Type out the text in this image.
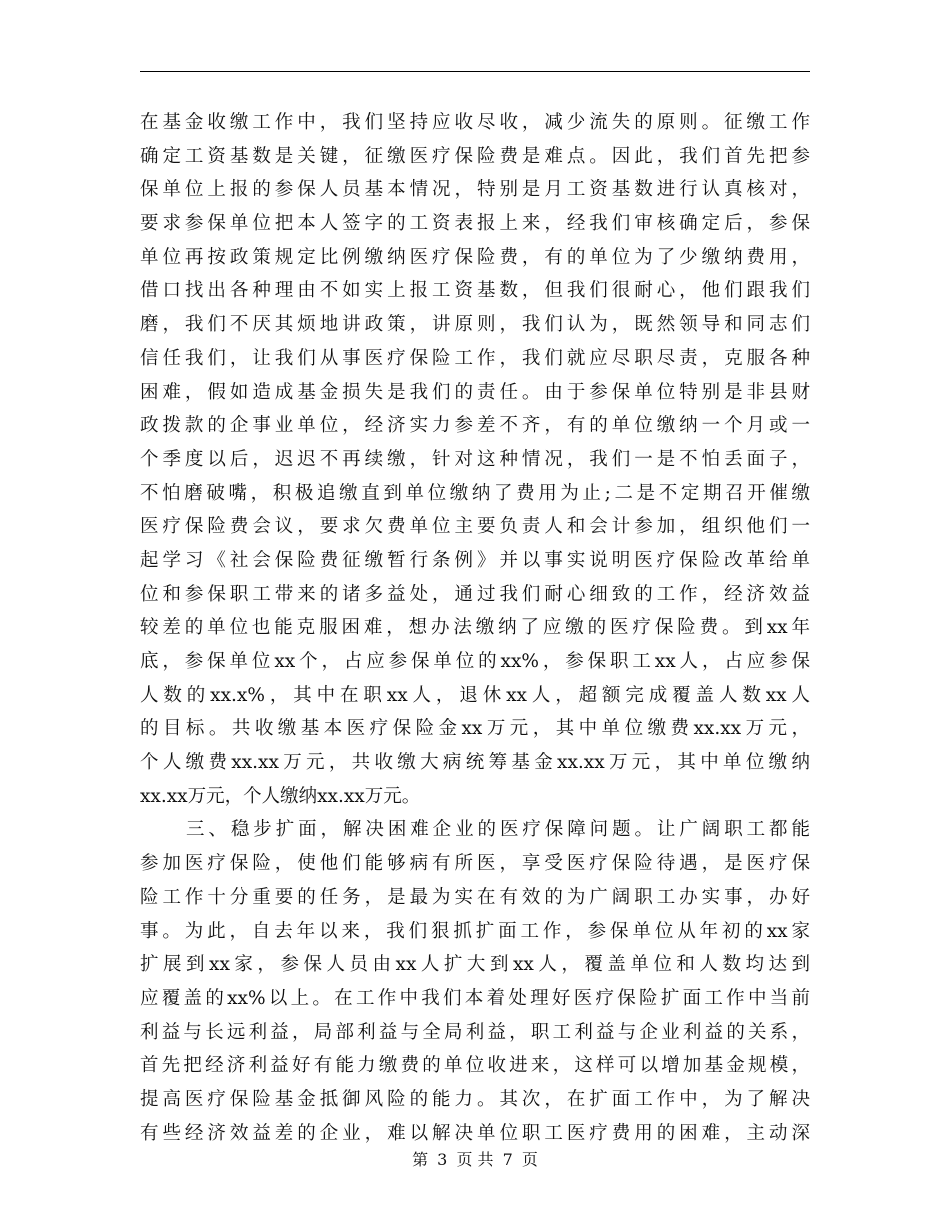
在基金收缴工作中，我们坚持应收尽收，减少流失的原则。征缴工作
确定工资基数是关键，征缴医疗保险费是难点。因此，我们首先把参
保单位上报的参保人员基本情况，特别是月工资基数进行认真核对，
要求参保单位把本人签字的工资表报上来，经我们审核确定后，参保
单位再按政策规定比例缴纳医疗保险费，有的单位为了少缴纳费用，
借口找出各种理由不如实上报工资基数，但我们很耐心，他们跟我们
磨，我们不厌其烦地讲政策，讲原则，我们认为，既然领导和同志们
信任我们，让我们从事医疗保险工作，我们就应尽职尽责，克服各种
困难，假如造成基金损失是我们的责任。由于参保单位特别是非县财
政拨款的企事业单位，经济实力参差不齐，有的单位缴纳一个月或一
个季度以后，迟迟不再续缴，针对这种情况，我们一是不怕丢面子，
不怕磨破嘴，积极追缴直到单位缴纳了费用为止;二是不定期召开催缴
医疗保险费会议，要求欠费单位主要负责人和会计参加，组织他们一
起学习《社会保险费征缴暂行条例》并以事实说明医疗保险改革给单
位和参保职工带来的诸多益处，通过我们耐心细致的工作，经济效益
较差的单位也能克服困难，想办法缴纳了应缴的医疗保险费。到xx年
底，参保单位xx个，占应参保单位的xx%，参保职工xx人，占应参保
人数的xx.x%，其中在职xx人，退休xx人，超额完成覆盖人数xx人
的目标。共收缴基本医疗保险金xx万元，其中单位缴费xx.xx万元，
个人缴费xx.xx万元，共收缴大病统筹基金xx.xx万元，其中单位缴纳
xx.xx万元，个人缴纳xx.xx万元。
三、稳步扩面，解决困难企业的医疗保障问题。让广阔职工都能
参加医疗保险，使他们能够病有所医，享受医疗保险待遇，是医疗保
险工作十分重要的任务，是最为实在有效的为广阔职工办实事，办好
事。为此，自去年以来，我们狠抓扩面工作，参保单位从年初的xx家
扩展到xx家，参保人员由xx人扩大到xx人，覆盖单位和人数均达到
应覆盖的xx%以上。在工作中我们本着处理好医疗保险扩面工作中当前
利益与长远利益，局部利益与全局利益，职工利益与企业利益的关系，
首先把经济利益好有能力缴费的单位收进来，这样可以增加基金规模，
提高医疗保险基金抵御风险的能力。其次，在扩面工作中，为了解决
有些经济效益差的企业，难以解决单位职工医疗费用的困难，主动深
第 3 页 共 7 页
